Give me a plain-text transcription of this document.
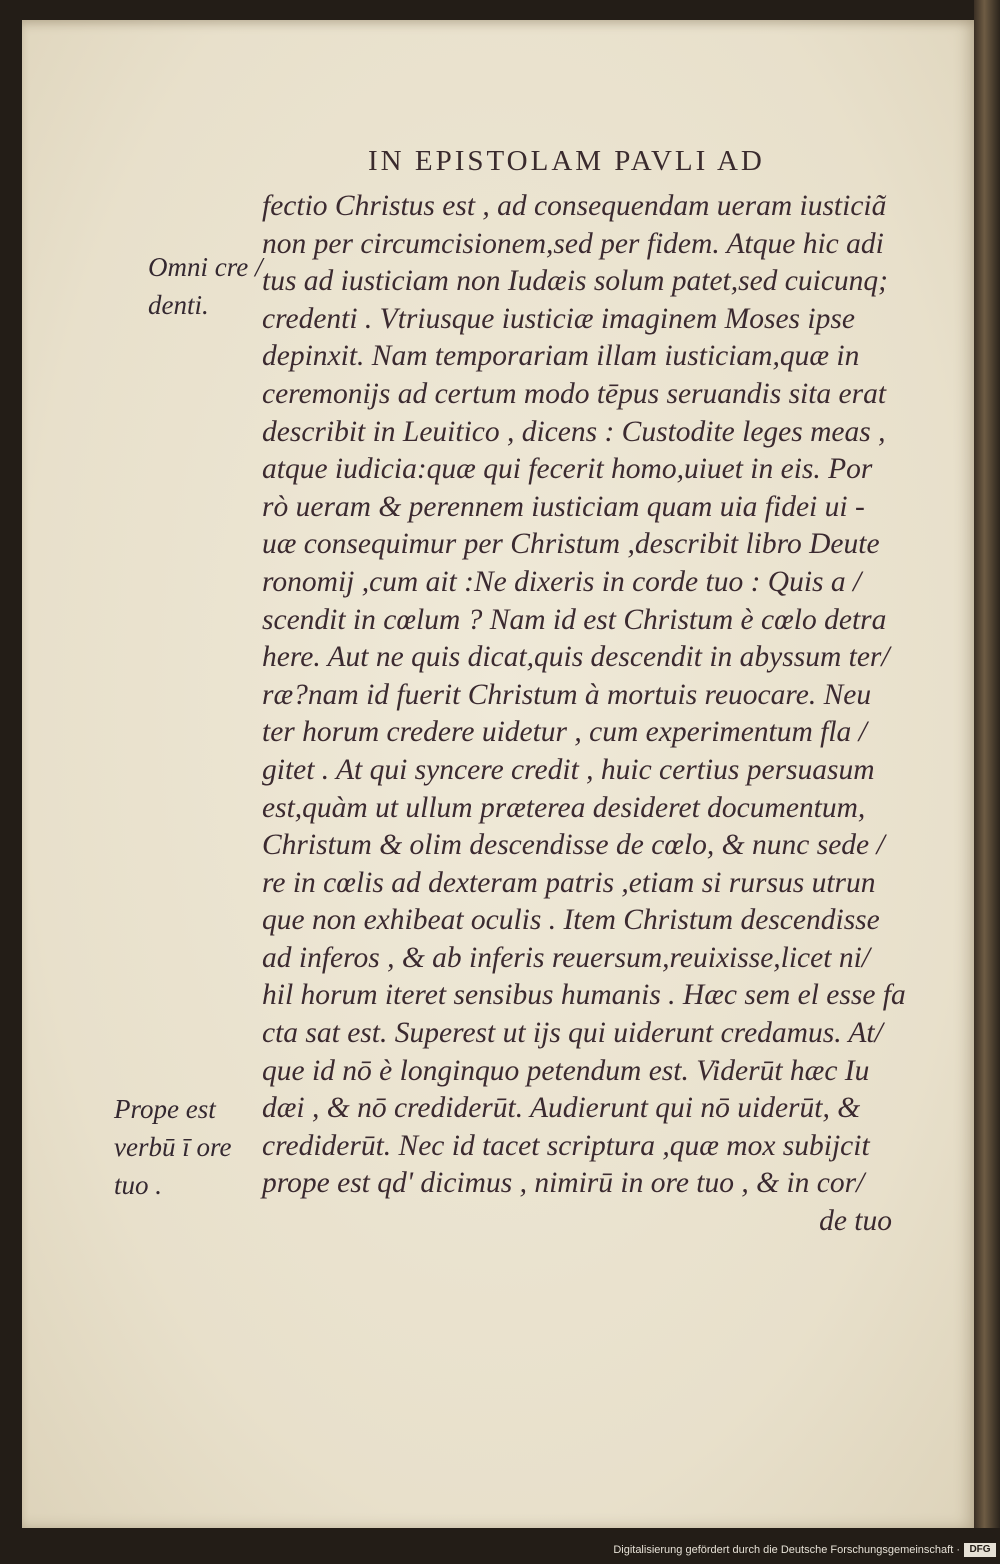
IN EPISTOLAM PAVLI AD
Omni cre /
denti.
Prope est
verbū ī ore
tuo .
fectio Christus est , ad consequendam ueram iusticiã
non per circumcisionem,sed per fidem. Atque hic adi
tus ad iusticiam non Iudæis solum patet,sed cuicunq;
credenti . Vtriusque iusticiæ imaginem Moses ipse
depinxit. Nam temporariam illam iusticiam,quæ in
ceremonijs ad certum modo tēpus seruandis sita erat
describit in Leuitico , dicens : Custodite leges meas ,
atque iudicia:quæ qui fecerit homo,uiuet in eis. Por
rò ueram & perennem iusticiam quam uia fidei ui -
uæ consequimur per Christum ,describit libro Deute
ronomij ,cum ait :Ne dixeris in corde tuo : Quis a /
scendit in cœlum ? Nam id est Christum è cœlo detra
here. Aut ne quis dicat,quis descendit in abyssum ter/
ræ?nam id fuerit Christum à mortuis reuocare. Neu
ter horum credere uidetur , cum experimentum fla /
gitet . At qui syncere credit , huic certius persuasum
est,quàm ut ullum præterea desideret documentum,
Christum & olim descendisse de cœlo, & nunc sede /
re in cœlis ad dexteram patris ,etiam si rursus utrun
que non exhibeat oculis . Item Christum descendisse
ad inferos , & ab inferis reuersum,reuixisse,licet ni/
hil horum iteret sensibus humanis . Hæc sem el esse fa
cta sat est. Superest ut ijs qui uiderunt credamus. At/
que id nō è longinquo petendum est. Viderūt hæc Iu
dæi , & nō crediderūt. Audierunt qui nō uiderūt, &
crediderūt. Nec id tacet scriptura ,quæ mox subijcit
prope est qd' dicimus , nimirū in ore tuo , & in cor/
de tuo
Digitalisierung gefördert durch die Deutsche Forschungsgemeinschaft · DFG
